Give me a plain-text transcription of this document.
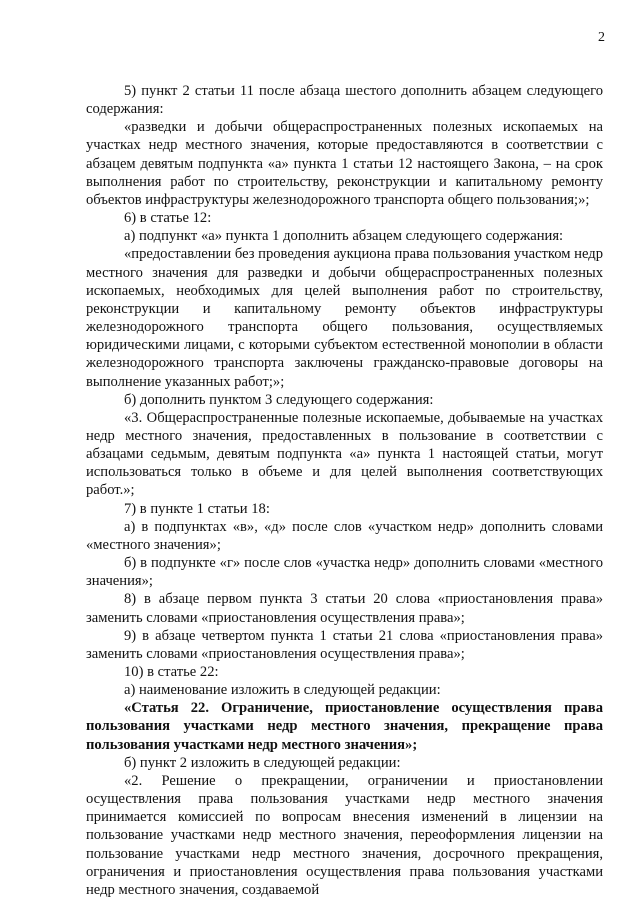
2

5) пункт 2 статьи 11 после абзаца шестого дополнить абзацем следующего содержания:

«разведки и добычи общераспространенных полезных ископаемых на участках недр местного значения, которые предоставляются в соответствии с абзацем девятым подпункта «а» пункта 1 статьи 12 настоящего Закона, – на срок выполнения работ по строительству, реконструкции и капитальному ремонту объектов инфраструктуры железнодорожного транспорта общего пользования;»;

6) в статье 12:

а) подпункт «а» пункта 1 дополнить абзацем следующего содержания:

«предоставлении без проведения аукциона права пользования участком недр местного значения для разведки и добычи общераспространенных полезных ископаемых, необходимых для целей выполнения работ по строительству, реконструкции и капитальному ремонту объектов инфраструктуры железнодорожного транспорта общего пользования, осуществляемых юридическими лицами, с которыми субъектом естественной монополии в области железнодорожного транспорта заключены гражданско-правовые договоры на выполнение указанных работ;»;

б) дополнить пунктом 3 следующего содержания:

«3. Общераспространенные полезные ископаемые, добываемые на участках недр местного значения, предоставленных в пользование в соответствии с абзацами седьмым, девятым подпункта «а» пункта 1 настоящей статьи, могут использоваться только в объеме и для целей выполнения соответствующих работ.»;

7) в пункте 1 статьи 18:

а) в подпунктах «в», «д» после слов «участком недр» дополнить словами «местного значения»;

б) в подпункте «г» после слов «участка недр» дополнить словами «местного значения»;

8) в абзаце первом пункта 3 статьи 20 слова «приостановления права» заменить словами «приостановления осуществления права»;

9) в абзаце четвертом пункта 1 статьи 21 слова «приостановления права» заменить словами «приостановления осуществления права»;

10) в статье 22:

а) наименование изложить в следующей редакции:

«Статья 22. Ограничение, приостановление осуществления права пользования участками недр местного значения, прекращение права пользования участками недр местного значения»;

б) пункт 2 изложить в следующей редакции:

«2. Решение о прекращении, ограничении и приостановлении осуществления права пользования участками недр местного значения принимается комиссией по вопросам внесения изменений в лицензии на пользование участками недр местного значения, переоформления лицензии на пользование участками недр местного значения, досрочного прекращения, ограничения и приостановления осуществления права пользования участками недр местного значения, создаваемой
